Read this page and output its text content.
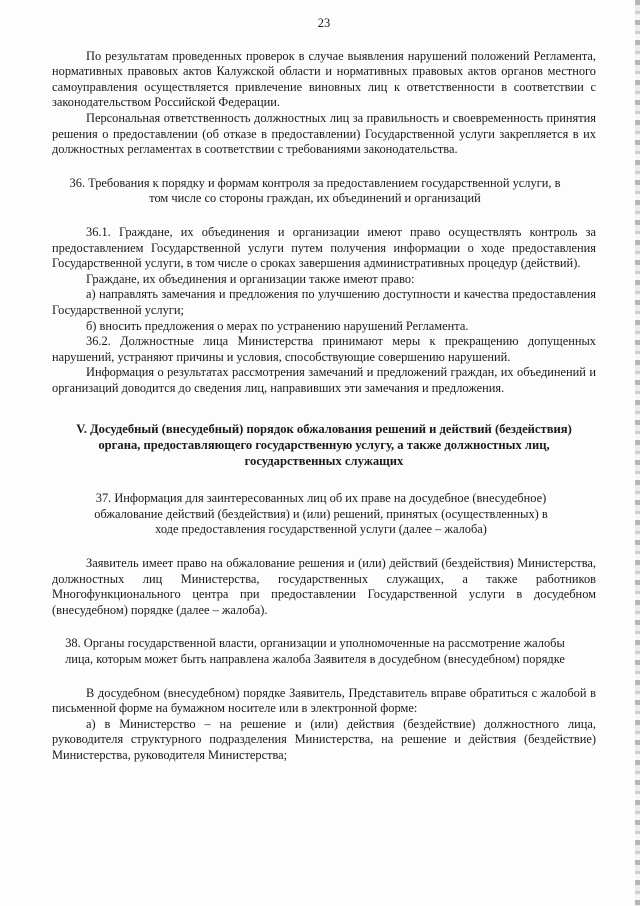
23

По результатам проведенных проверок в случае выявления нарушений положений Регламента, нормативных правовых актов Калужской области и нормативных правовых актов органов местного самоуправления осуществляется привлечение виновных лиц к ответственности в соответствии с законодательством Российской Федерации.

Персональная ответственность должностных лиц за правильность и своевременность принятия решения о предоставлении (об отказе в предоставлении) Государственной услуги закрепляется в их должностных регламентах в соответствии с требованиями законодательства.

36. Требования к порядку и формам контроля за предоставлением государственной услуги, в том числе со стороны граждан, их объединений и организаций

36.1. Граждане, их объединения и организации имеют право осуществлять контроль за предоставлением Государственной услуги путем получения информации о ходе предоставления Государственной услуги, в том числе о сроках завершения административных процедур (действий).

Граждане, их объединения и организации также имеют право:

а) направлять замечания и предложения по улучшению доступности и качества предоставления Государственной услуги;

б) вносить предложения о мерах по устранению нарушений Регламента.

36.2. Должностные лица Министерства принимают меры к прекращению допущенных нарушений, устраняют причины и условия, способствующие совершению нарушений.

Информация о результатах рассмотрения замечаний и предложений граждан, их объединений и организаций доводится до сведения лиц, направивших эти замечания и предложения.

V. Досудебный (внесудебный) порядок обжалования решений и действий (бездействия) органа, предоставляющего государственную услугу, а также должностных лиц, государственных служащих

37. Информация для заинтересованных лиц об их праве на досудебное (внесудебное) обжалование действий (бездействия) и (или) решений, принятых (осуществленных) в ходе предоставления государственной услуги (далее – жалоба)

Заявитель имеет право на обжалование решения и (или) действий (бездействия) Министерства, должностных лиц Министерства, государственных служащих, а также работников Многофункционального центра при предоставлении Государственной услуги в досудебном (внесудебном) порядке (далее – жалоба).

38. Органы государственной власти, организации и уполномоченные на рассмотрение жалобы лица, которым может быть направлена жалоба Заявителя в досудебном (внесудебном) порядке

В досудебном (внесудебном) порядке Заявитель, Представитель вправе обратиться с жалобой в письменной форме на бумажном носителе или в электронной форме:

а) в Министерство – на решение и (или) действия (бездействие) должностного лица, руководителя структурного подразделения Министерства, на решение и действия (бездействие) Министерства, руководителя Министерства;
